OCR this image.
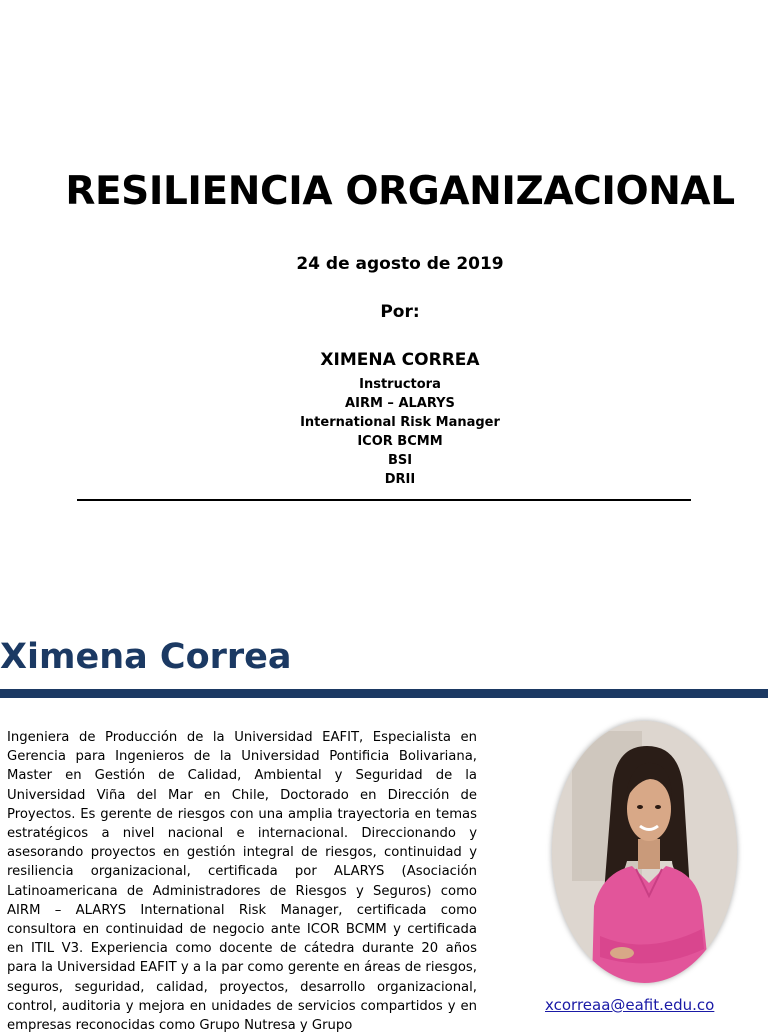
RESILIENCIA ORGANIZACIONAL
24 de agosto de 2019
Por:
XIMENA CORREA
Instructora
AIRM – ALARYS
International Risk Manager
ICOR BCMM
BSI
DRII
Ximena Correa

Ingeniera de Producción de la Universidad EAFIT, Especialista en Gerencia para Ingenieros de la Universidad Pontificia Bolivariana, Master en Gestión de Calidad, Ambiental y Seguridad de la Universidad Viña del Mar en Chile, Doctorado en Dirección de Proyectos. Es gerente de riesgos con una amplia trayectoria en temas estratégicos a nivel nacional e internacional. Direccionando y asesorando proyectos en gestión integral de riesgos, continuidad y resiliencia organizacional, certificada por ALARYS (Asociación Latinoamericana de Administradores de Riesgos y Seguros) como AIRM – ALARYS International Risk Manager, certificada como consultora en continuidad de negocio ante ICOR BCMM y certificada en ITIL V3. Experiencia como docente de cátedra durante 20 años para la Universidad EAFIT y a la par como gerente en áreas de riesgos, seguros, seguridad, calidad, proyectos, desarrollo organizacional, control, auditoria y mejora en unidades de servicios compartidos y en empresas reconocidas como Grupo Nutresa y Grupo

xcorreaa@eafit.edu.co
